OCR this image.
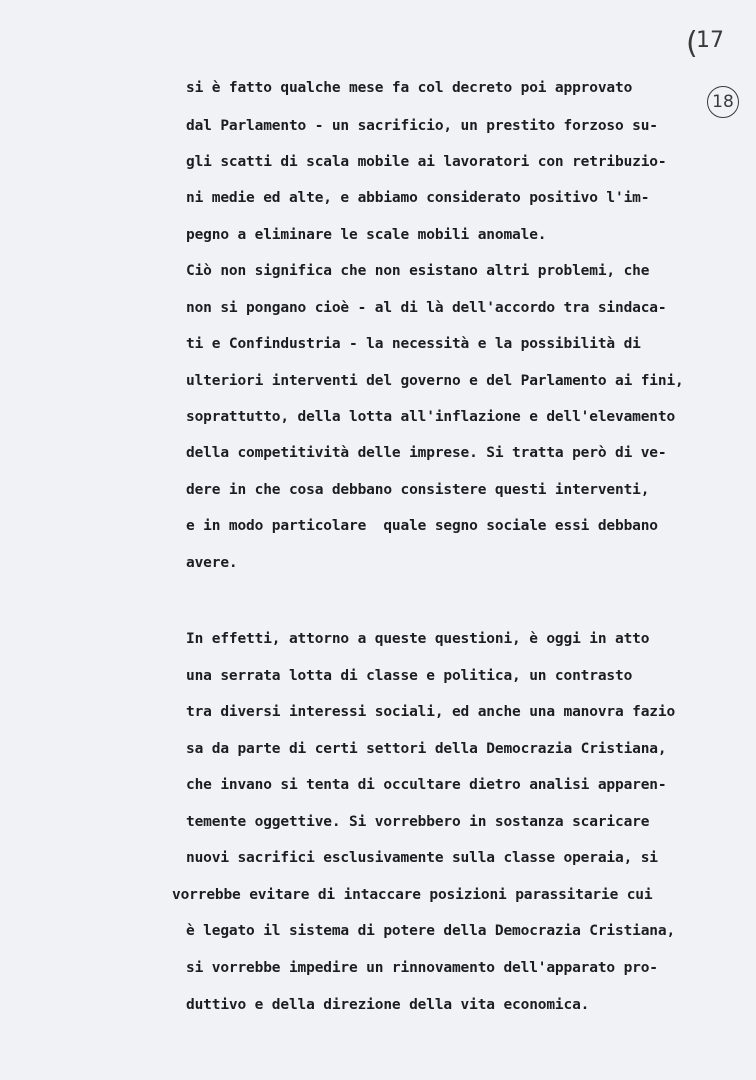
( 17
18
si è fatto qualche mese fa col decreto poi approvato
dal Parlamento - un sacrificio, un prestito forzoso su-
gli scatti di scala mobile ai lavoratori con retribuzio-
ni medie ed alte, e abbiamo considerato positivo l'im-
pegno a eliminare le scale mobili anomale.
Ciò non significa che non esistano altri problemi, che
non si pongano cioè - al di là dell'accordo tra sindaca-
ti e Confindustria - la necessità e la possibilità di
ulteriori interventi del governo e del Parlamento ai fini,
soprattutto, della lotta all'inflazione e dell'elevamento
della competitività delle imprese. Si tratta però di ve-
dere in che cosa debbano consistere questi interventi,
e in modo particolare  quale segno sociale essi debbano
avere.
In effetti, attorno a queste questioni, è oggi in atto
una serrata lotta di classe e politica, un contrasto
tra diversi interessi sociali, ed anche una manovra fazio
sa da parte di certi settori della Democrazia Cristiana,
che invano si tenta di occultare dietro analisi apparen-
temente oggettive. Si vorrebbero in sostanza scaricare
nuovi sacrifici esclusivamente sulla classe operaia, si
vorrebbe evitare di intaccare posizioni parassitarie cui
è legato il sistema di potere della Democrazia Cristiana,
si vorrebbe impedire un rinnovamento dell'apparato pro-
duttivo e della direzione della vita economica.
